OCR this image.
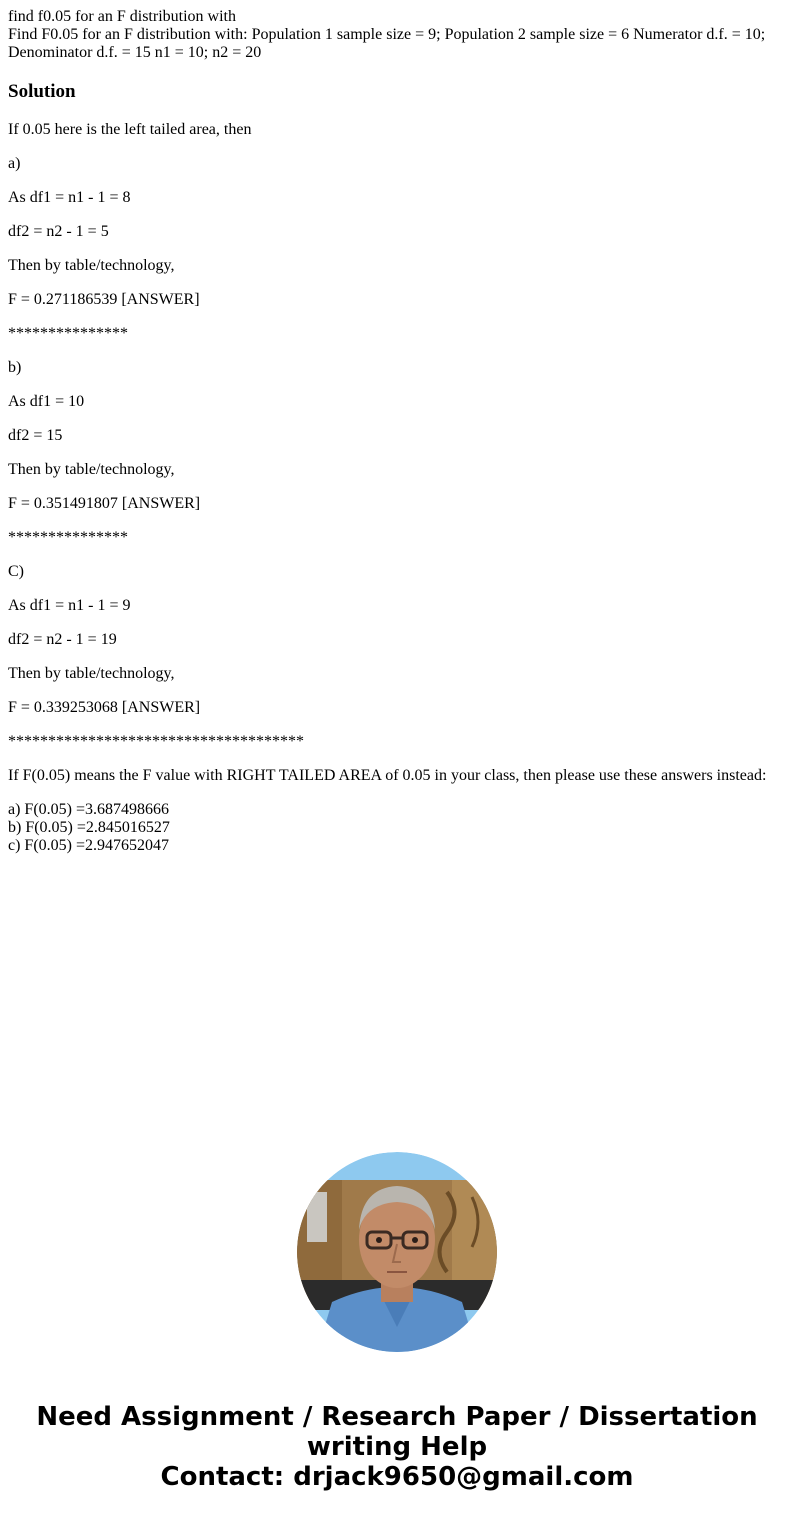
find f0.05 for an F distribution with
Find F0.05 for an F distribution with: Population 1 sample size = 9; Population 2 sample size = 6 Numerator d.f. = 10; Denominator d.f. = 15 n1 = 10; n2 = 20
Solution

If 0.05 here is the left tailed area, then

a)

As df1 = n1 - 1 = 8

df2 = n2 - 1 = 5

Then by table/technology,

F = 0.271186539 [ANSWER]

***************

b)

As df1 = 10

df2 = 15

Then by table/technology,

F = 0.351491807 [ANSWER]

***************

C)

As df1 = n1 - 1 = 9

df2 = n2 - 1 = 19

Then by table/technology,

F = 0.339253068 [ANSWER]

*************************************

If F(0.05) means the F value with RIGHT TAILED AREA of 0.05 in your class, then please use these answers instead:

a) F(0.05) =3.687498666
b) F(0.05) =2.845016527
c) F(0.05) =2.947652047
Need Assignment / Research Paper / Dissertation
writing Help
Contact: drjack9650@gmail.com
